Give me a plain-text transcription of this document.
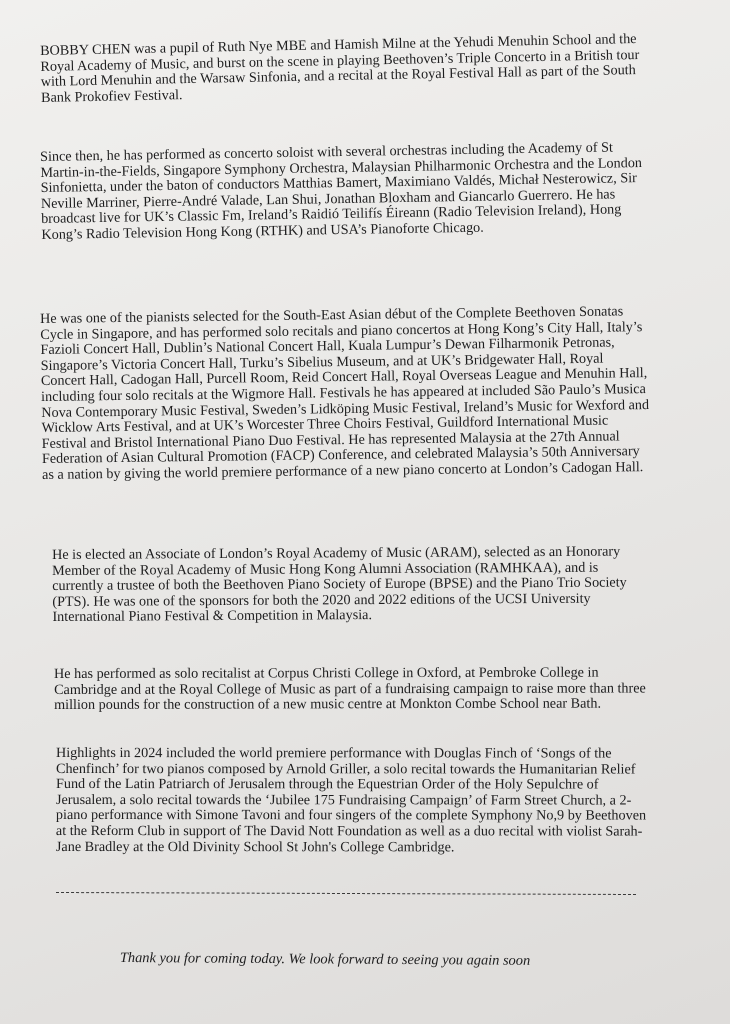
BOBBY CHEN was a pupil of Ruth Nye MBE and Hamish Milne at the Yehudi Menuhin School and the Royal Academy of Music, and burst on the scene in playing Beethoven’s Triple Concerto in a British tour with Lord Menuhin and the Warsaw Sinfonia, and a recital at the Royal Festival Hall as part of the South Bank Prokofiev Festival.

Since then, he has performed as concerto soloist with several orchestras including the Academy of St Martin-in-the-Fields, Singapore Symphony Orchestra, Malaysian Philharmonic Orchestra and the London Sinfonietta, under the baton of conductors Matthias Bamert, Maximiano Valdés, Michał Nesterowicz, Sir Neville Marriner, Pierre-André Valade, Lan Shui, Jonathan Bloxham and Giancarlo Guerrero. He has broadcast live for UK’s Classic Fm, Ireland’s Raidió Teilifís Éireann (Radio Television Ireland), Hong Kong’s Radio Television Hong Kong (RTHK) and USA’s Pianoforte Chicago.

He was one of the pianists selected for the South-East Asian début of the Complete Beethoven Sonatas Cycle in Singapore, and has performed solo recitals and piano concertos at Hong Kong’s City Hall, Italy’s Fazioli Concert Hall, Dublin’s National Concert Hall, Kuala Lumpur’s Dewan Filharmonik Petronas, Singapore’s Victoria Concert Hall, Turku’s Sibelius Museum, and at UK’s Bridgewater Hall, Royal Concert Hall, Cadogan Hall, Purcell Room, Reid Concert Hall, Royal Overseas League and Menuhin Hall, including four solo recitals at the Wigmore Hall. Festivals he has appeared at included São Paulo’s Musica Nova Contemporary Music Festival, Sweden’s Lidköping Music Festival, Ireland’s Music for Wexford and Wicklow Arts Festival, and at UK’s Worcester Three Choirs Festival, Guildford International Music Festival and Bristol International Piano Duo Festival. He has represented Malaysia at the 27th Annual Federation of Asian Cultural Promotion (FACP) Conference, and celebrated Malaysia’s 50th Anniversary as a nation by giving the world premiere performance of a new piano concerto at London’s Cadogan Hall.

He is elected an Associate of London’s Royal Academy of Music (ARAM), selected as an Honorary Member of the Royal Academy of Music Hong Kong Alumni Association (RAMHKAA), and is currently a trustee of both the Beethoven Piano Society of Europe (BPSE) and the Piano Trio Society (PTS). He was one of the sponsors for both the 2020 and 2022 editions of the UCSI University International Piano Festival & Competition in Malaysia.

He has performed as solo recitalist at Corpus Christi College in Oxford, at Pembroke College in Cambridge and at the Royal College of Music as part of a fundraising campaign to raise more than three million pounds for the construction of a new music centre at Monkton Combe School near Bath.

Highlights in 2024 included the world premiere performance with Douglas Finch of ‘Songs of the Chenfinch’ for two pianos composed by Arnold Griller, a solo recital towards the Humanitarian Relief Fund of the Latin Patriarch of Jerusalem through the Equestrian Order of the Holy Sepulchre of Jerusalem, a solo recital towards the ‘Jubilee 175 Fundraising Campaign’ of Farm Street Church, a 2-piano performance with Simone Tavoni and four singers of the complete Symphony No,9 by Beethoven at the Reform Club in support of The David Nott Foundation as well as a duo recital with violist Sarah-Jane Bradley at the Old Divinity School St John's College Cambridge.

Thank you for coming today. We look forward to seeing you again soon
